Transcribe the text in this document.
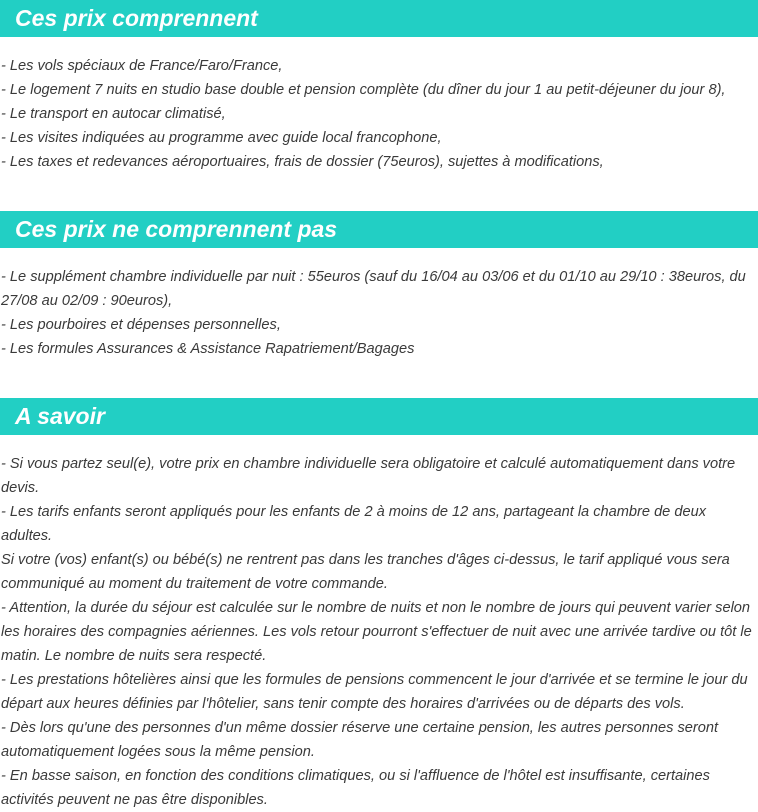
Ces prix comprennent
- Les vols spéciaux de France/Faro/France,
- Le logement 7 nuits en studio base double et pension complète (du dîner du jour 1 au petit-déjeuner du jour 8),
- Le transport en autocar climatisé,
- Les visites indiquées au programme avec guide local francophone,
- Les taxes et redevances aéroportuaires, frais de dossier (75euros), sujettes à modifications,
Ces prix ne comprennent pas
- Le supplément chambre individuelle par nuit : 55euros (sauf du 16/04 au 03/06 et du 01/10 au 29/10 : 38euros, du 27/08 au 02/09 : 90euros),
- Les pourboires et dépenses personnelles,
- Les formules Assurances & Assistance Rapatriement/Bagages
A savoir
- Si vous partez seul(e), votre prix en chambre individuelle sera obligatoire et calculé automatiquement dans votre devis.
- Les tarifs enfants seront appliqués pour les enfants de 2 à moins de 12 ans, partageant la chambre de deux adultes.
Si votre (vos) enfant(s) ou bébé(s) ne rentrent pas dans les tranches d'âges ci-dessus, le tarif appliqué vous sera communiqué au moment du traitement de votre commande.
- Attention, la durée du séjour est calculée sur le nombre de nuits et non le nombre de jours qui peuvent varier selon les horaires des compagnies aériennes. Les vols retour pourront s'effectuer de nuit avec une arrivée tardive ou tôt le matin. Le nombre de nuits sera respecté.
- Les prestations hôtelières ainsi que les formules de pensions commencent le jour d'arrivée et se termine le jour du départ aux heures définies par l'hôtelier, sans tenir compte des horaires d'arrivées ou de départs des vols.
- Dès lors qu'une des personnes d'un même dossier réserve une certaine pension, les autres personnes seront automatiquement logées sous la même pension.
- En basse saison, en fonction des conditions climatiques, ou si l'affluence de l'hôtel est insuffisante, certaines activités peuvent ne pas être disponibles.
